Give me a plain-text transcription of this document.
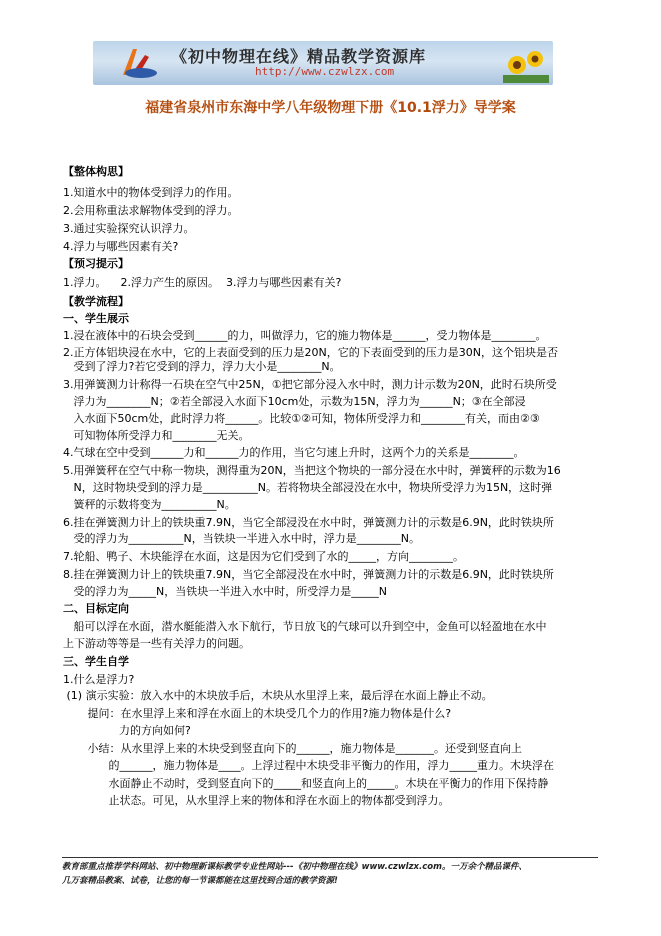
《初中物理在线》精品教学资源库
http://www.czwlzx.com
福建省泉州市东海中学八年级物理下册《10.1浮力》导学案
【整体构思】
1.知道水中的物体受到浮力的作用。
2.会用称重法求解物体受到的浮力。
3.通过实验探究认识浮力。
4.浮力与哪些因素有关?
【预习提示】
1.浮力。    2.浮力产生的原因。  3.浮力与哪些因素有关?
【教学流程】
一、学生展示
1.浸在液体中的石块会受到______的力，叫做浮力，它的施力物体是______，受力物体是________。
2.正方体铝块浸在水中，它的上表面受到的压力是20N，它的下表面受到的压力是30N，这个铝块是否
受到了浮力?若它受到的浮力，浮力大小是________N。
3.用弹簧测力计称得一石块在空气中25N，①把它部分浸入水中时，测力计示数为20N，此时石块所受
浮力为________N；②若全部浸入水面下10cm处，示数为15N，浮力为______N；③在全部浸
入水面下50cm处，此时浮力将______。比较①②可知，物体所受浮力和________有关，而由②③
可知物体所受浮力和________无关。
4.气球在空中受到______力和______力的作用，当它匀速上升时，这两个力的关系是________。
5.用弹簧秤在空气中称一物块，测得重为20N，当把这个物块的一部分浸在水中时，弹簧秤的示数为16
N，这时物块受到的浮力是__________N。若将物块全部浸没在水中，物块所受浮力为15N，这时弹
簧秤的示数将变为__________N。
6.挂在弹簧测力计上的铁块重7.9N，当它全部浸没在水中时，弹簧测力计的示数是6.9N，此时铁块所
受的浮力为__________N，当铁块一半进入水中时，浮力是________N。
7.轮船、鸭子、木块能浮在水面，这是因为它们受到了水的_____，方向________。
8.挂在弹簧测力计上的铁块重7.9N，当它全部浸没在水中时，弹簧测力计的示数是6.9N，此时铁块所
受的浮力为_____N，当铁块一半进入水中时，所受浮力是_____N
二、目标定向
船可以浮在水面，潜水艇能潜入水下航行，节日放飞的气球可以升到空中，金鱼可以轻盈地在水中
上下游动等等是一些有关浮力的问题。
三、学生自学
1.什么是浮力?
(1) 演示实验：放入水中的木块放手后，木块从水里浮上来，最后浮在水面上静止不动。
提问：在水里浮上来和浮在水面上的木块受几个力的作用?施力物体是什么?
力的方向如何?
小结：从水里浮上来的木块受到竖直向下的______，施力物体是_______。还受到竖直向上
的______，施力物体是____。上浮过程中木块受非平衡力的作用，浮力_____重力。木块浮在
水面静止不动时，受到竖直向下的_____和竖直向上的_____。木块在平衡力的作用下保持静
止状态。可见，从水里浮上来的物体和浮在水面上的物体都受到浮力。
教育部重点推荐学科网站、初中物理新课标教学专业性网站---《初中物理在线》www.czwlzx.com。一万余个精品课件、
几万套精品教案、试卷，让您的每一节课都能在这里找到合适的教学资源!
